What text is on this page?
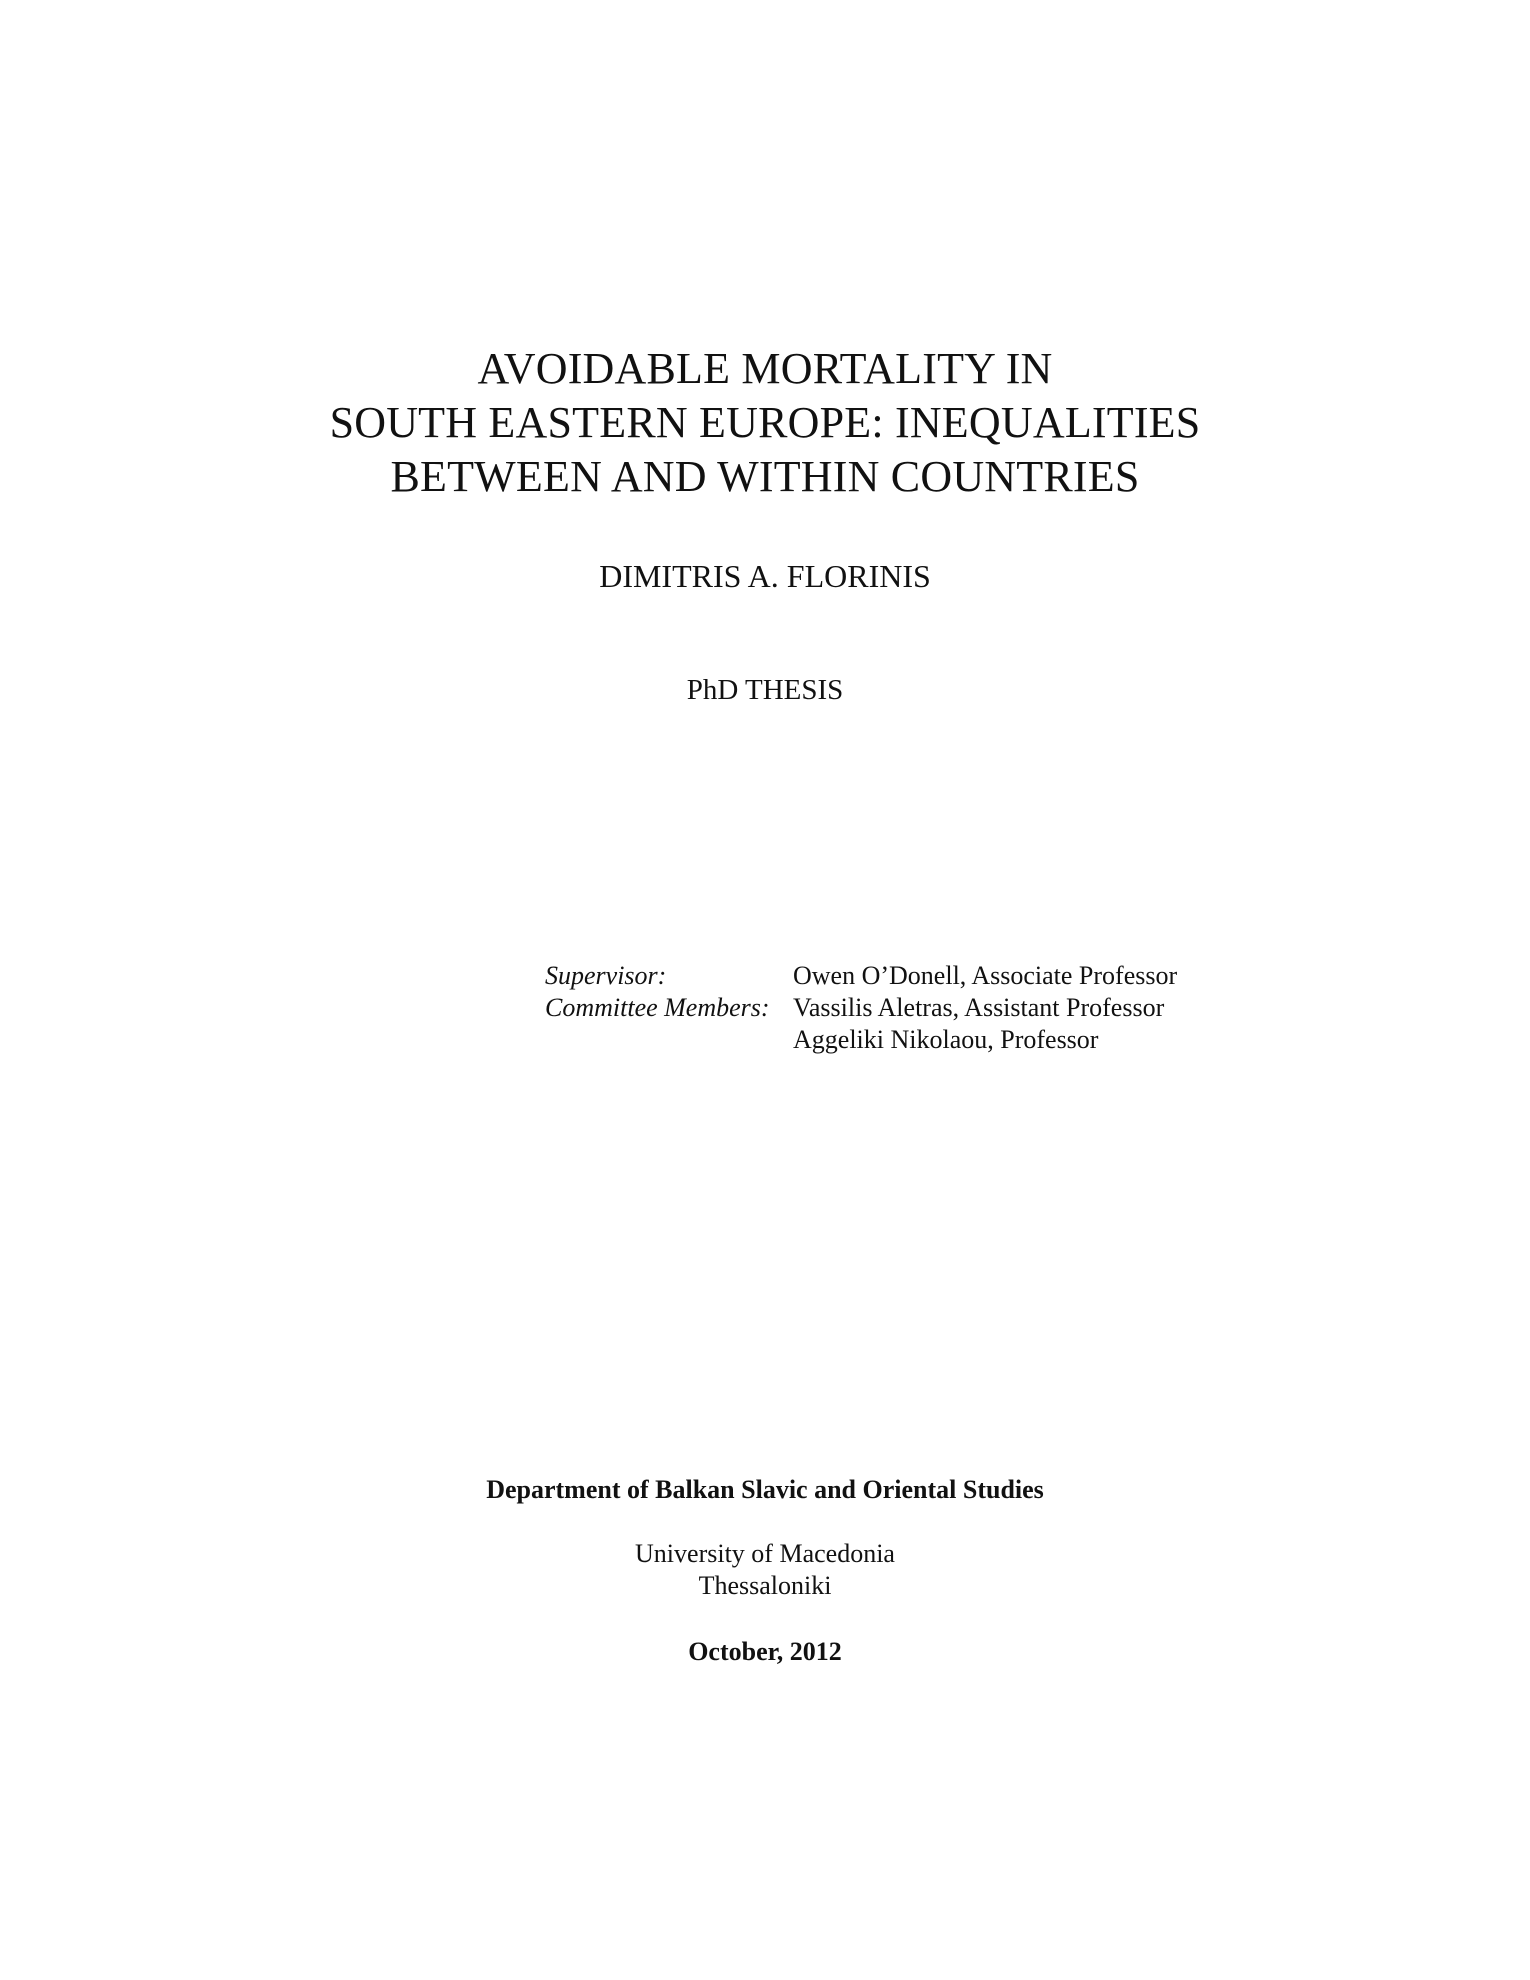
AVOIDABLE MORTALITY IN
SOUTH EASTERN EUROPE: INEQUALITIES
BETWEEN AND WITHIN COUNTRIES
DIMITRIS A. FLORINIS
PhD THESIS
Supervisor:	Owen O’Donell, Associate Professor
Committee Members: Vassilis Aletras, Assistant Professor
Aggeliki Nikolaou, Professor
Department of Balkan Slavic and Oriental Studies
University of Macedonia
Thessaloniki
October, 2012
